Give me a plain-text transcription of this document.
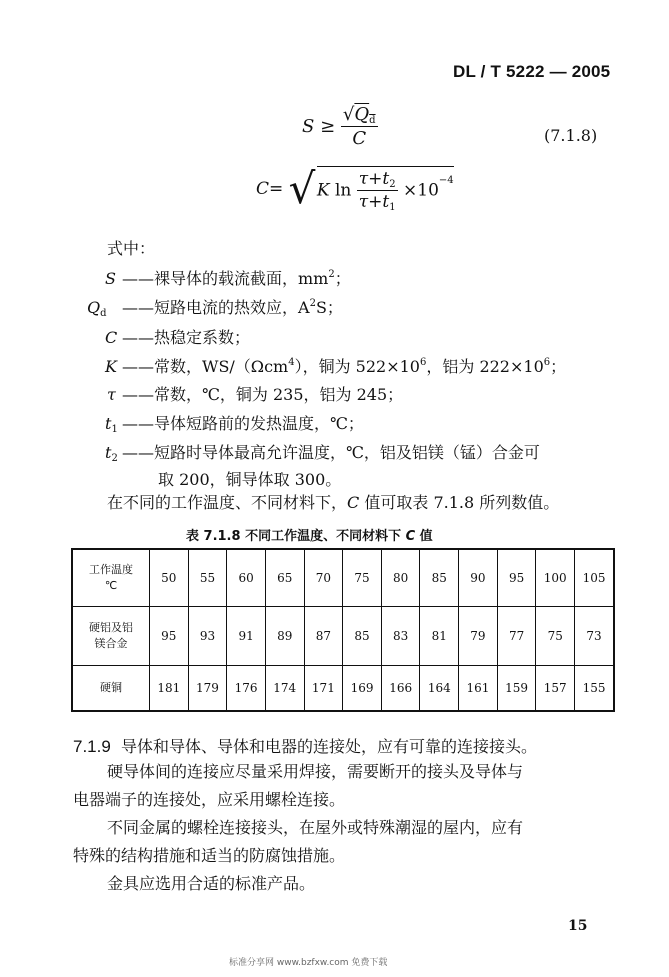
DL / T 5222 — 2005
$S \ge \frac{√Q_d}{C}$	(7.1.8)
C= √ K $\ln \frac{\tau+t_2}{\tau+t_1} \times 10^{-4}$
式中：
S ——裸导体的载流截面，$mm^2$；
$Q_d$ ——短路电流的热效应，$A^2S$；
C ——热稳定系数；
K ——常数，WS/（Ωcm$^4$），铜为 $522\times 10^6$，铝为 $222\times 10^6$；
τ ——常数，℃，铜为 235，铝为 245；
$t_1$ ——导体短路前的发热温度，℃；
$t_2$ ——短路时导体最高允许温度，℃，铝及铝镁（锰）合金可
取 200，铜导体取 300。
在不同的工作温度、不同材料下，C 值可取表 7.1.8 所列数值。
表 7.1.8 不同工作温度、不同材料下 C 值
工作温度
℃	50	55	60	65	70	75	80	85	90	95	100	105

硬铝及铝
镁合金	95	93	91	89	87	85	83	81	79	77	75	73

硬铜	181	179	176	174	171	169	166	164	161	159	157	155
7.1.9 导体和导体、导体和电器的连接处，应有可靠的连接接头。
硬导体间的连接应尽量采用焊接，需要断开的接头及导体与
电器端子的连接处，应采用螺栓连接。
不同金属的螺栓连接接头，在屋外或特殊潮湿的屋内，应有
特殊的结构措施和适当的防腐蚀措施。
金具应选用合适的标准产品。
15
标准分享网 www.bzfxw.com 免费下载
